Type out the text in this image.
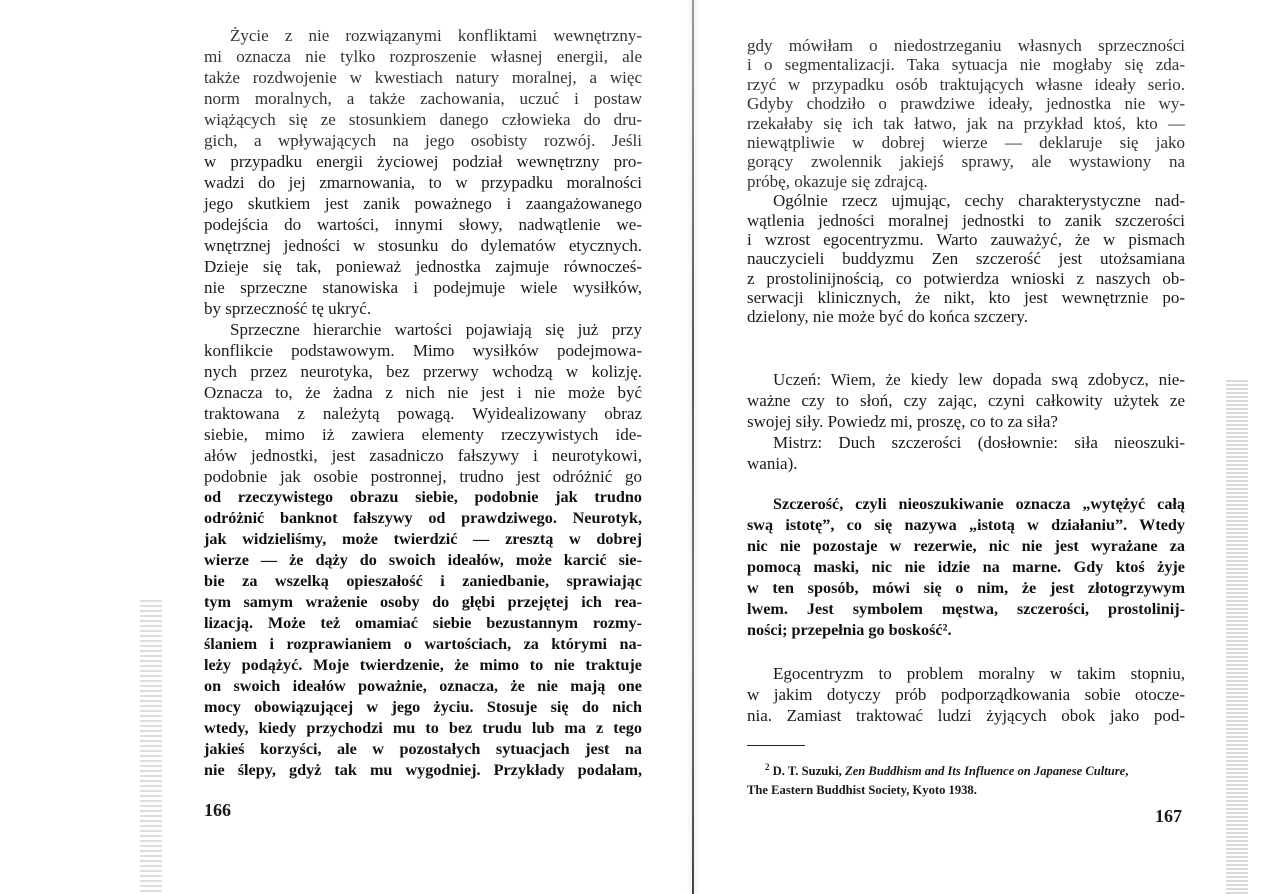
Życie z nie rozwiązanymi konfliktami wewnętrzny-
mi oznacza nie tylko rozproszenie własnej energii, ale
także rozdwojenie w kwestiach natury moralnej, a więc
norm moralnych, a także zachowania, uczuć i postaw
wiążących się ze stosunkiem danego człowieka do dru-
gich, a wpływających na jego osobisty rozwój. Jeśli
w przypadku energii życiowej podział wewnętrzny pro-
wadzi do jej zmarnowania, to w przypadku moralności
jego skutkiem jest zanik poważnego i zaangażowanego
podejścia do wartości, innymi słowy, nadwątlenie we-
wnętrznej jedności w stosunku do dylematów etycznych.
Dzieje się tak, ponieważ jednostka zajmuje równocześ-
nie sprzeczne stanowiska i podejmuje wiele wysiłków,
by sprzeczność tę ukryć.
Sprzeczne hierarchie wartości pojawiają się już przy
konflikcie podstawowym. Mimo wysiłków podejmowa-
nych przez neurotyka, bez przerwy wchodzą w kolizję.
Oznacza to, że żadna z nich nie jest i nie może być
traktowana z należytą powagą. Wyidealizowany obraz
siebie, mimo iż zawiera elementy rzeczywistych ide-
ałów jednostki, jest zasadniczo fałszywy i neurotykowi,
podobnie jak osobie postronnej, trudno jest odróżnić go
od rzeczywistego obrazu siebie, podobnie jak trudno
odróżnić banknot fałszywy od prawdziwego. Neurotyk,
jak widzieliśmy, może twierdzić — zresztą w dobrej
wierze — że dąży do swoich ideałów, może karcić sie-
bie za wszelką opieszałość i zaniedbanie, sprawiając
tym samym wrażenie osoby do głębi przejętej ich rea-
lizacją. Może też omamiać siebie bezustannym rozmy-
ślaniem i rozprawianiem o wartościach, za którymi na-
leży podążyć. Moje twierdzenie, że mimo to nie traktuje
on swoich ideałów poważnie, oznacza, że nie mają one
mocy obowiązującej w jego życiu. Stosuje się do nich
wtedy, kiedy przychodzi mu to bez trudu lub ma z tego
jakieś korzyści, ale w pozostałych sytuacjach jest na
nie ślepy, gdyż tak mu wygodniej. Przykłady podałam,
166
gdy mówiłam o niedostrzeganiu własnych sprzeczności
i o segmentalizacji. Taka sytuacja nie mogłaby się zda-
rzyć w przypadku osób traktujących własne ideały serio.
Gdyby chodziło o prawdziwe ideały, jednostka nie wy-
rzekałaby się ich tak łatwo, jak na przykład ktoś, kto —
niewątpliwie w dobrej wierze — deklaruje się jako
gorący zwolennik jakiejś sprawy, ale wystawiony na
próbę, okazuje się zdrajcą.
Ogólnie rzecz ujmując, cechy charakterystyczne nad-
wątlenia jedności moralnej jednostki to zanik szczerości
i wzrost egocentryzmu. Warto zauważyć, że w pismach
nauczycieli buddyzmu Zen szczerość jest utożsamiana
z prostolinijnością, co potwierdza wnioski z naszych ob-
serwacji klinicznych, że nikt, kto jest wewnętrznie po-
dzielony, nie może być do końca szczery.
Uczeń: Wiem, że kiedy lew dopada swą zdobycz, nie-
ważne czy to słoń, czy zając, czyni całkowity użytek ze
swojej siły. Powiedz mi, proszę, co to za siła?
Mistrz: Duch szczerości (dosłownie: siła nieoszuki-
wania).
Szczerość, czyli nieoszukiwanie oznacza „wytężyć całą
swą istotę”, co się nazywa „istotą w działaniu”. Wtedy
nic nie pozostaje w rezerwie, nic nie jest wyrażane za
pomocą maski, nic nie idzie na marne. Gdy ktoś żyje
w ten sposób, mówi się o nim, że jest złotogrzywym
lwem. Jest symbolem męstwa, szczerości, prostolinij-
ności; przepełnia go boskość².
Egocentryzm to problem moralny w takim stopniu,
w jakim dotyczy prób podporządkowania sobie otocze-
nia. Zamiast traktować ludzi żyjących obok jako pod-
$^2$ D. T. Suzuki, Zen Buddhism and Its Influence on Japanese Culture,
The Eastern Buddhist Society, Kyoto 1938.
167
